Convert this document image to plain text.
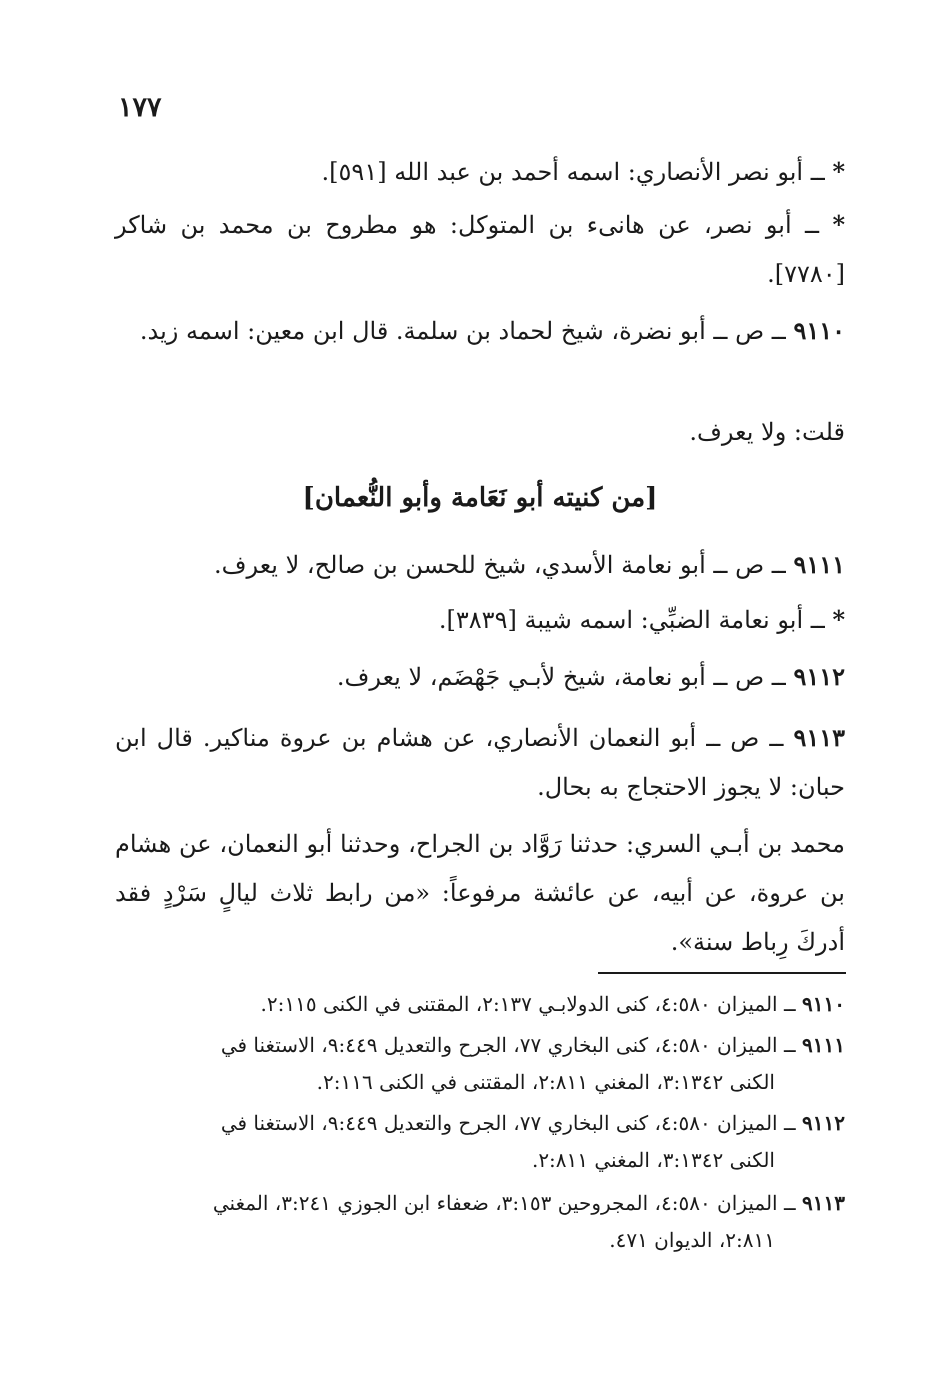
١٧٧
* ــ أبو نصر الأنصاري: اسمه أحمد بن عبد الله [٥٩١].
* ــ أبو نصر، عن هانىء بن المتوكل: هو مطروح بن محمد بن شاكر [٧٧٨٠].
٩١١٠ ــ ص ــ أبو نضرة، شيخ لحماد بن سلمة. قال ابن معين: اسمه زيد.
قلت: ولا يعرف.
[من كنيته أبو نَعَامة وأبو النُّعمان]
٩١١١ ــ ص ــ أبو نعامة الأسدي، شيخ للحسن بن صالح، لا يعرف.
* ــ أبو نعامة الضبِّي: اسمه شيبة [٣٨٣٩].
٩١١٢ ــ ص ــ أبو نعامة، شيخ لأبـي جَهْضَم، لا يعرف.
٩١١٣ ــ ص ــ أبو النعمان الأنصاري، عن هشام بن عروة مناكير. قال ابن حبان: لا يجوز الاحتجاج به بحال.
محمد بن أبـي السري: حدثنا رَوَّاد بن الجراح، وحدثنا أبو النعمان، عن هشام بن عروة، عن أبيه، عن عائشة مرفوعاً: «من رابط ثلاث ليالٍ سَرْدٍ فقد أدركَ رِباط سنة».
٩١١٠ ــ الميزان ٤:٥٨٠، كنى الدولابـي ٢:١٣٧، المقتنى في الكنى ٢:١١٥.
٩١١١ ــ الميزان ٤:٥٨٠، كنى البخاري ٧٧، الجرح والتعديل ٩:٤٤٩، الاستغنا في
الكنى ٣:١٣٤٢، المغني ٢:٨١١، المقتنى في الكنى ٢:١١٦.
٩١١٢ ــ الميزان ٤:٥٨٠، كنى البخاري ٧٧، الجرح والتعديل ٩:٤٤٩، الاستغنا في
الكنى ٣:١٣٤٢، المغني ٢:٨١١.
٩١١٣ ــ الميزان ٤:٥٨٠، المجروحين ٣:١٥٣، ضعفاء ابن الجوزي ٣:٢٤١، المغني
٢:٨١١، الديوان ٤٧١.
